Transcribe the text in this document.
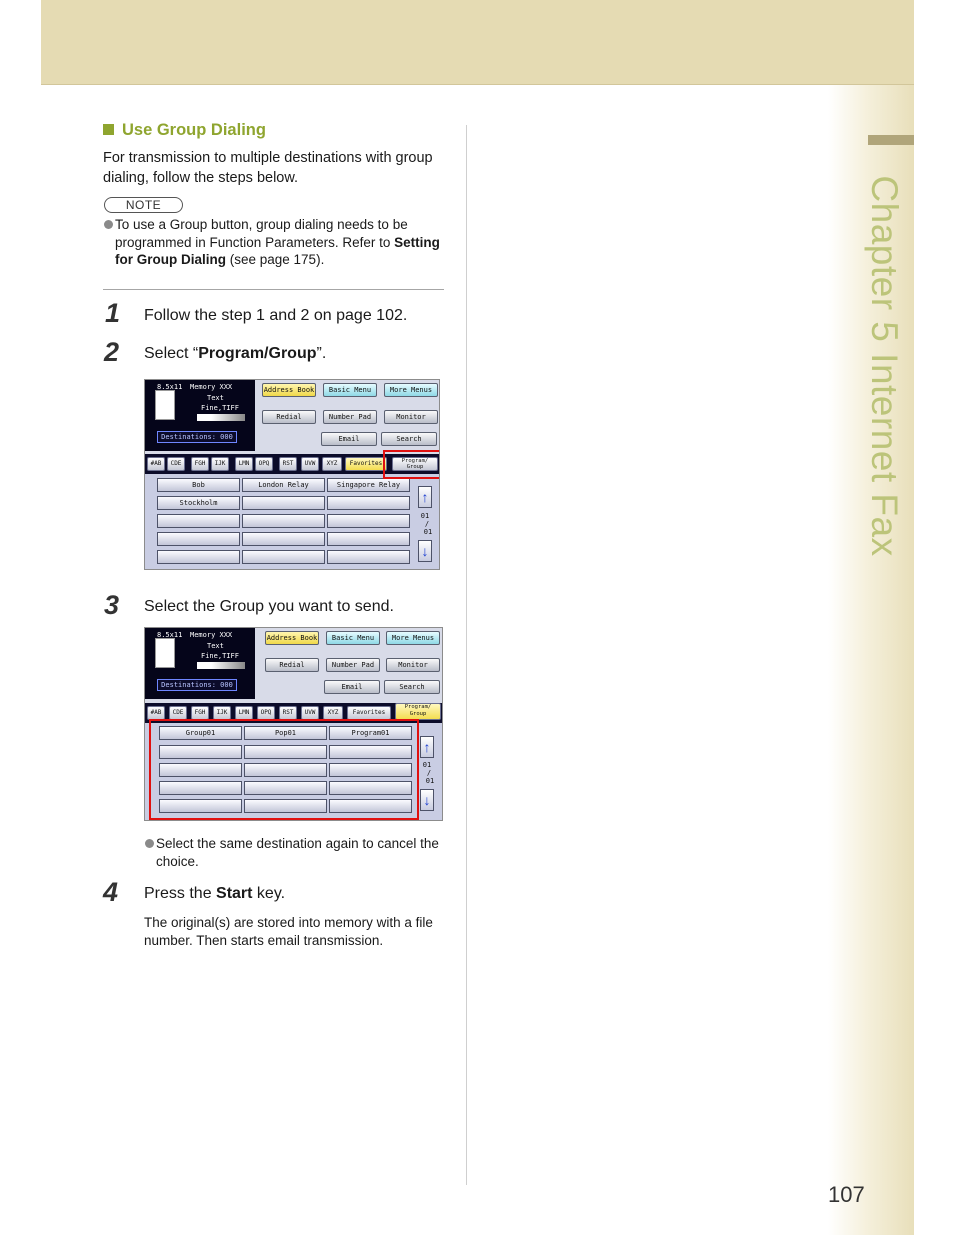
Chapter 5 Internet Fax
107
Use Group Dialing
For transmission to multiple destinations with group dialing, follow the steps below.
NOTE
To use a Group button, group dialing needs to be programmed in Function Parameters. Refer to Setting for Group Dialing (see page 175).
1 Follow the step 1 and 2 on page 102.
2 Select “Program/Group”.
8.5x11 Memory XXX
Text
Fine,TIFF
Destinations: 000
Address Book	Basic Menu	More Menus
Redial	Number Pad	Monitor
Email	Search
#AB	CDE	FGH	IJK	LMN	OPQ	RST	UVW	XYZ	Favorites	Program/ Group
Bob	London Relay	Singapore Relay
Stockholm	↑
01
/
01
↓
3 Select the Group you want to send.
8.5x11 Memory XXX
Text
Fine,TIFF
Destinations: 000
Address Book	Basic Menu	More Menus
Redial	Number Pad	Monitor
Email	Search
#AB	CDE	FGH	IJK	LMN	OPQ	RST	UVW	XYZ	Favorites
Program/ Group
Group01	Pop01	Program01
↑
01
/
01
↓
Select the same destination again to cancel the choice.
4 Press the Start key.
The original(s) are stored into memory with a file number. Then starts email transmission.
